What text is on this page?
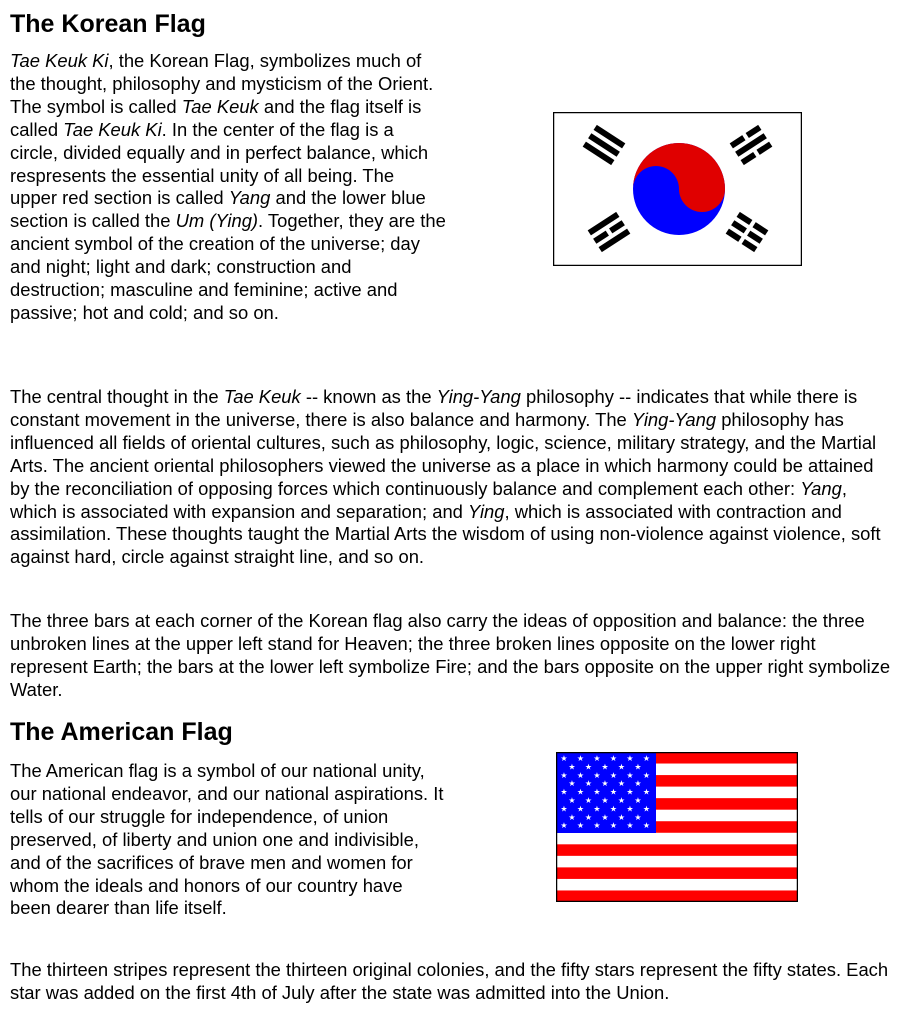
The Korean Flag

Tae Keuk Ki, the Korean Flag, symbolizes much of the thought, philosophy and mysticism of the Orient. The symbol is called Tae Keuk and the flag itself is called Tae Keuk Ki. In the center of the flag is a circle, divided equally and in perfect balance, which respresents the essential unity of all being. The upper red section is called Yang and the lower blue section is called the Um (Ying). Together, they are the ancient symbol of the creation of the universe; day and night; light and dark; construction and destruction; masculine and feminine; active and passive; hot and cold; and so on.

The central thought in the Tae Keuk -- known as the Ying-Yang philosophy -- indicates that while there is constant movement in the universe, there is also balance and harmony. The Ying-Yang philosophy has influenced all fields of oriental cultures, such as philosophy, logic, science, military strategy, and the Martial Arts. The ancient oriental philosophers viewed the universe as a place in which harmony could be attained by the reconciliation of opposing forces which continuously balance and complement each other: Yang, which is associated with expansion and separation; and Ying, which is associated with contraction and assimilation. These thoughts taught the Martial Arts the wisdom of using non-violence against violence, soft against hard, circle against straight line, and so on.

The three bars at each corner of the Korean flag also carry the ideas of opposition and balance: the three unbroken lines at the upper left stand for Heaven; the three broken lines opposite on the lower right represent Earth; the bars at the lower left symbolize Fire; and the bars opposite on the upper right symbolize Water.

The American Flag

The American flag is a symbol of our national unity, our national endeavor, and our national aspirations. It tells of our struggle for independence, of union preserved, of liberty and union one and indivisible, and of the sacrifices of brave men and women for whom the ideals and honors of our country have been dearer than life itself.

★ ★ ★ ★ ★ ★
★ ★ ★ ★ ★
★ ★ ★ ★ ★ ★
★ ★ ★ ★ ★
★ ★ ★ ★ ★ ★
★ ★ ★ ★ ★
★ ★ ★ ★ ★ ★
★ ★ ★ ★ ★
★ ★ ★ ★ ★ ★

The thirteen stripes represent the thirteen original colonies, and the fifty stars represent the fifty states. Each star was added on the first 4th of July after the state was admitted into the Union.
